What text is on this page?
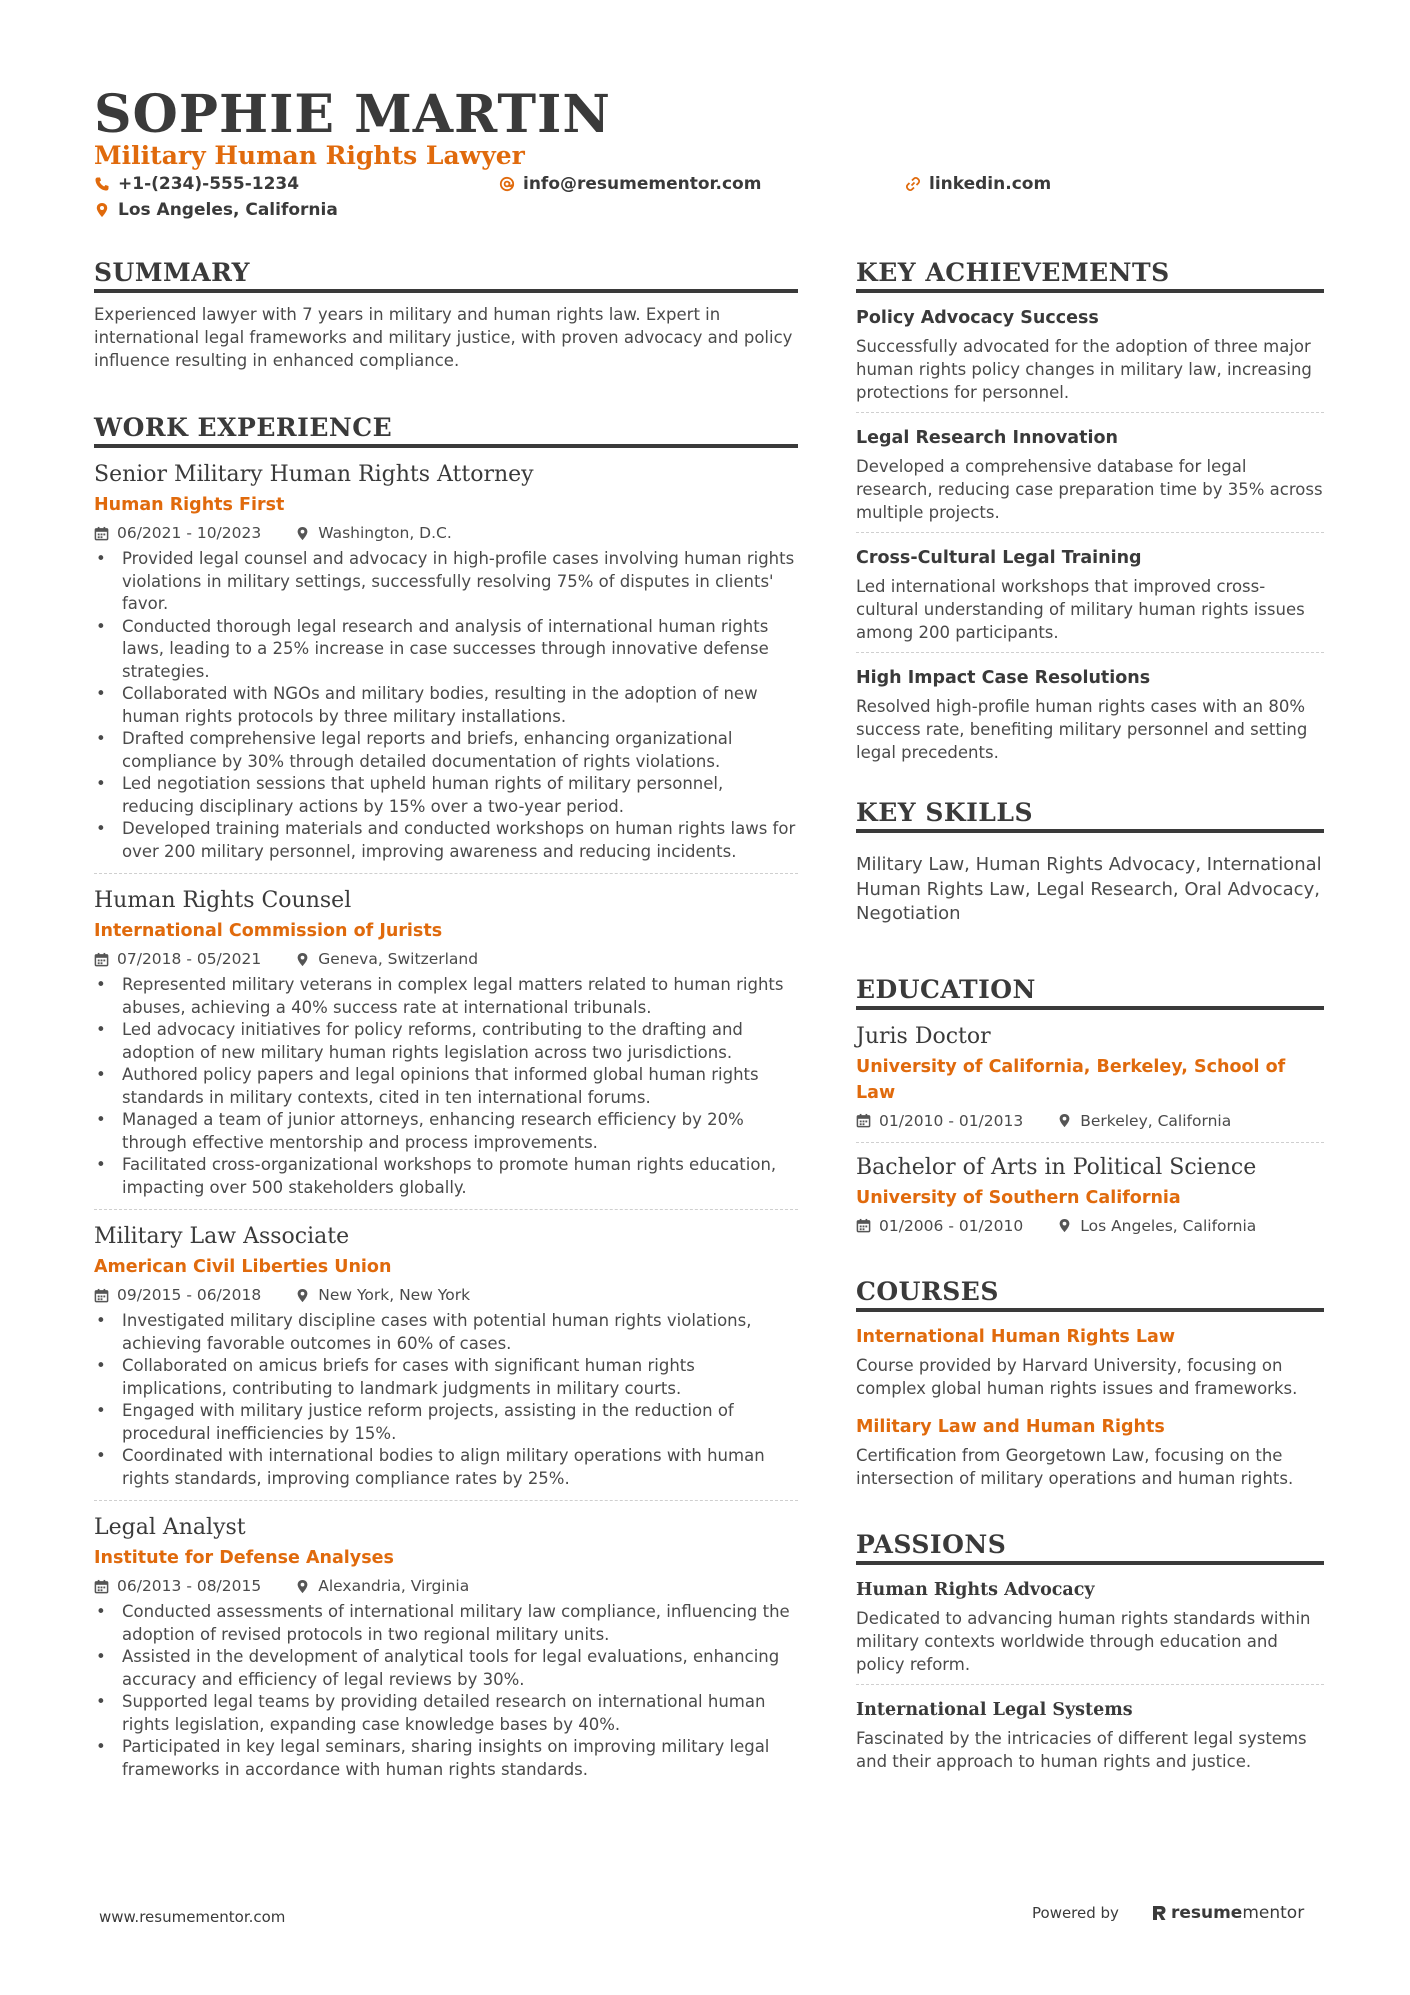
SOPHIE MARTIN
Military Human Rights Lawyer
+1-(234)-555-1234	info@resumementor.com	linkedin.com
Los Angeles, California
SUMMARY
Experienced lawyer with 7 years in military and human rights law. Expert in international legal frameworks and military justice, with proven advocacy and policy influence resulting in enhanced compliance.
WORK EXPERIENCE
Senior Military Human Rights Attorney
Human Rights First
06/2021 - 10/2023	Washington, D.C.
• Provided legal counsel and advocacy in high-profile cases involving human rights violations in military settings, successfully resolving 75% of disputes in clients' favor.
• Conducted thorough legal research and analysis of international human rights laws, leading to a 25% increase in case successes through innovative defense strategies.
• Collaborated with NGOs and military bodies, resulting in the adoption of new human rights protocols by three military installations.
• Drafted comprehensive legal reports and briefs, enhancing organizational compliance by 30% through detailed documentation of rights violations.
• Led negotiation sessions that upheld human rights of military personnel, reducing disciplinary actions by 15% over a two-year period.
• Developed training materials and conducted workshops on human rights laws for over 200 military personnel, improving awareness and reducing incidents.
Human Rights Counsel
International Commission of Jurists
07/2018 - 05/2021	Geneva, Switzerland
• Represented military veterans in complex legal matters related to human rights abuses, achieving a 40% success rate at international tribunals.
• Led advocacy initiatives for policy reforms, contributing to the drafting and adoption of new military human rights legislation across two jurisdictions.
• Authored policy papers and legal opinions that informed global human rights standards in military contexts, cited in ten international forums.
• Managed a team of junior attorneys, enhancing research efficiency by 20% through effective mentorship and process improvements.
• Facilitated cross-organizational workshops to promote human rights education, impacting over 500 stakeholders globally.
Military Law Associate
American Civil Liberties Union
09/2015 - 06/2018	New York, New York
• Investigated military discipline cases with potential human rights violations, achieving favorable outcomes in 60% of cases.
• Collaborated on amicus briefs for cases with significant human rights implications, contributing to landmark judgments in military courts.
• Engaged with military justice reform projects, assisting in the reduction of procedural inefficiencies by 15%.
• Coordinated with international bodies to align military operations with human rights standards, improving compliance rates by 25%.
Legal Analyst
Institute for Defense Analyses
06/2013 - 08/2015	Alexandria, Virginia
• Conducted assessments of international military law compliance, influencing the adoption of revised protocols in two regional military units.
• Assisted in the development of analytical tools for legal evaluations, enhancing accuracy and efficiency of legal reviews by 30%.
• Supported legal teams by providing detailed research on international human rights legislation, expanding case knowledge bases by 40%.
• Participated in key legal seminars, sharing insights on improving military legal frameworks in accordance with human rights standards.
KEY ACHIEVEMENTS
Policy Advocacy Success
Successfully advocated for the adoption of three major human rights policy changes in military law, increasing protections for personnel.
Legal Research Innovation
Developed a comprehensive database for legal research, reducing case preparation time by 35% across multiple projects.
Cross-Cultural Legal Training
Led international workshops that improved cross-cultural understanding of military human rights issues among 200 participants.
High Impact Case Resolutions
Resolved high-profile human rights cases with an 80% success rate, benefiting military personnel and setting legal precedents.
KEY SKILLS
Military Law, Human Rights Advocacy, International Human Rights Law, Legal Research, Oral Advocacy, Negotiation
EDUCATION
Juris Doctor
University of California, Berkeley, School of Law
01/2010 - 01/2013	Berkeley, California
Bachelor of Arts in Political Science
University of Southern California
01/2006 - 01/2010	Los Angeles, California
COURSES
International Human Rights Law
Course provided by Harvard University, focusing on complex global human rights issues and frameworks.
Military Law and Human Rights
Certification from Georgetown Law, focusing on the intersection of military operations and human rights.
PASSIONS
Human Rights Advocacy
Dedicated to advancing human rights standards within military contexts worldwide through education and policy reform.
International Legal Systems
Fascinated by the intricacies of different legal systems and their approach to human rights and justice.
www.resumementor.com	Powered by	resume mentor
